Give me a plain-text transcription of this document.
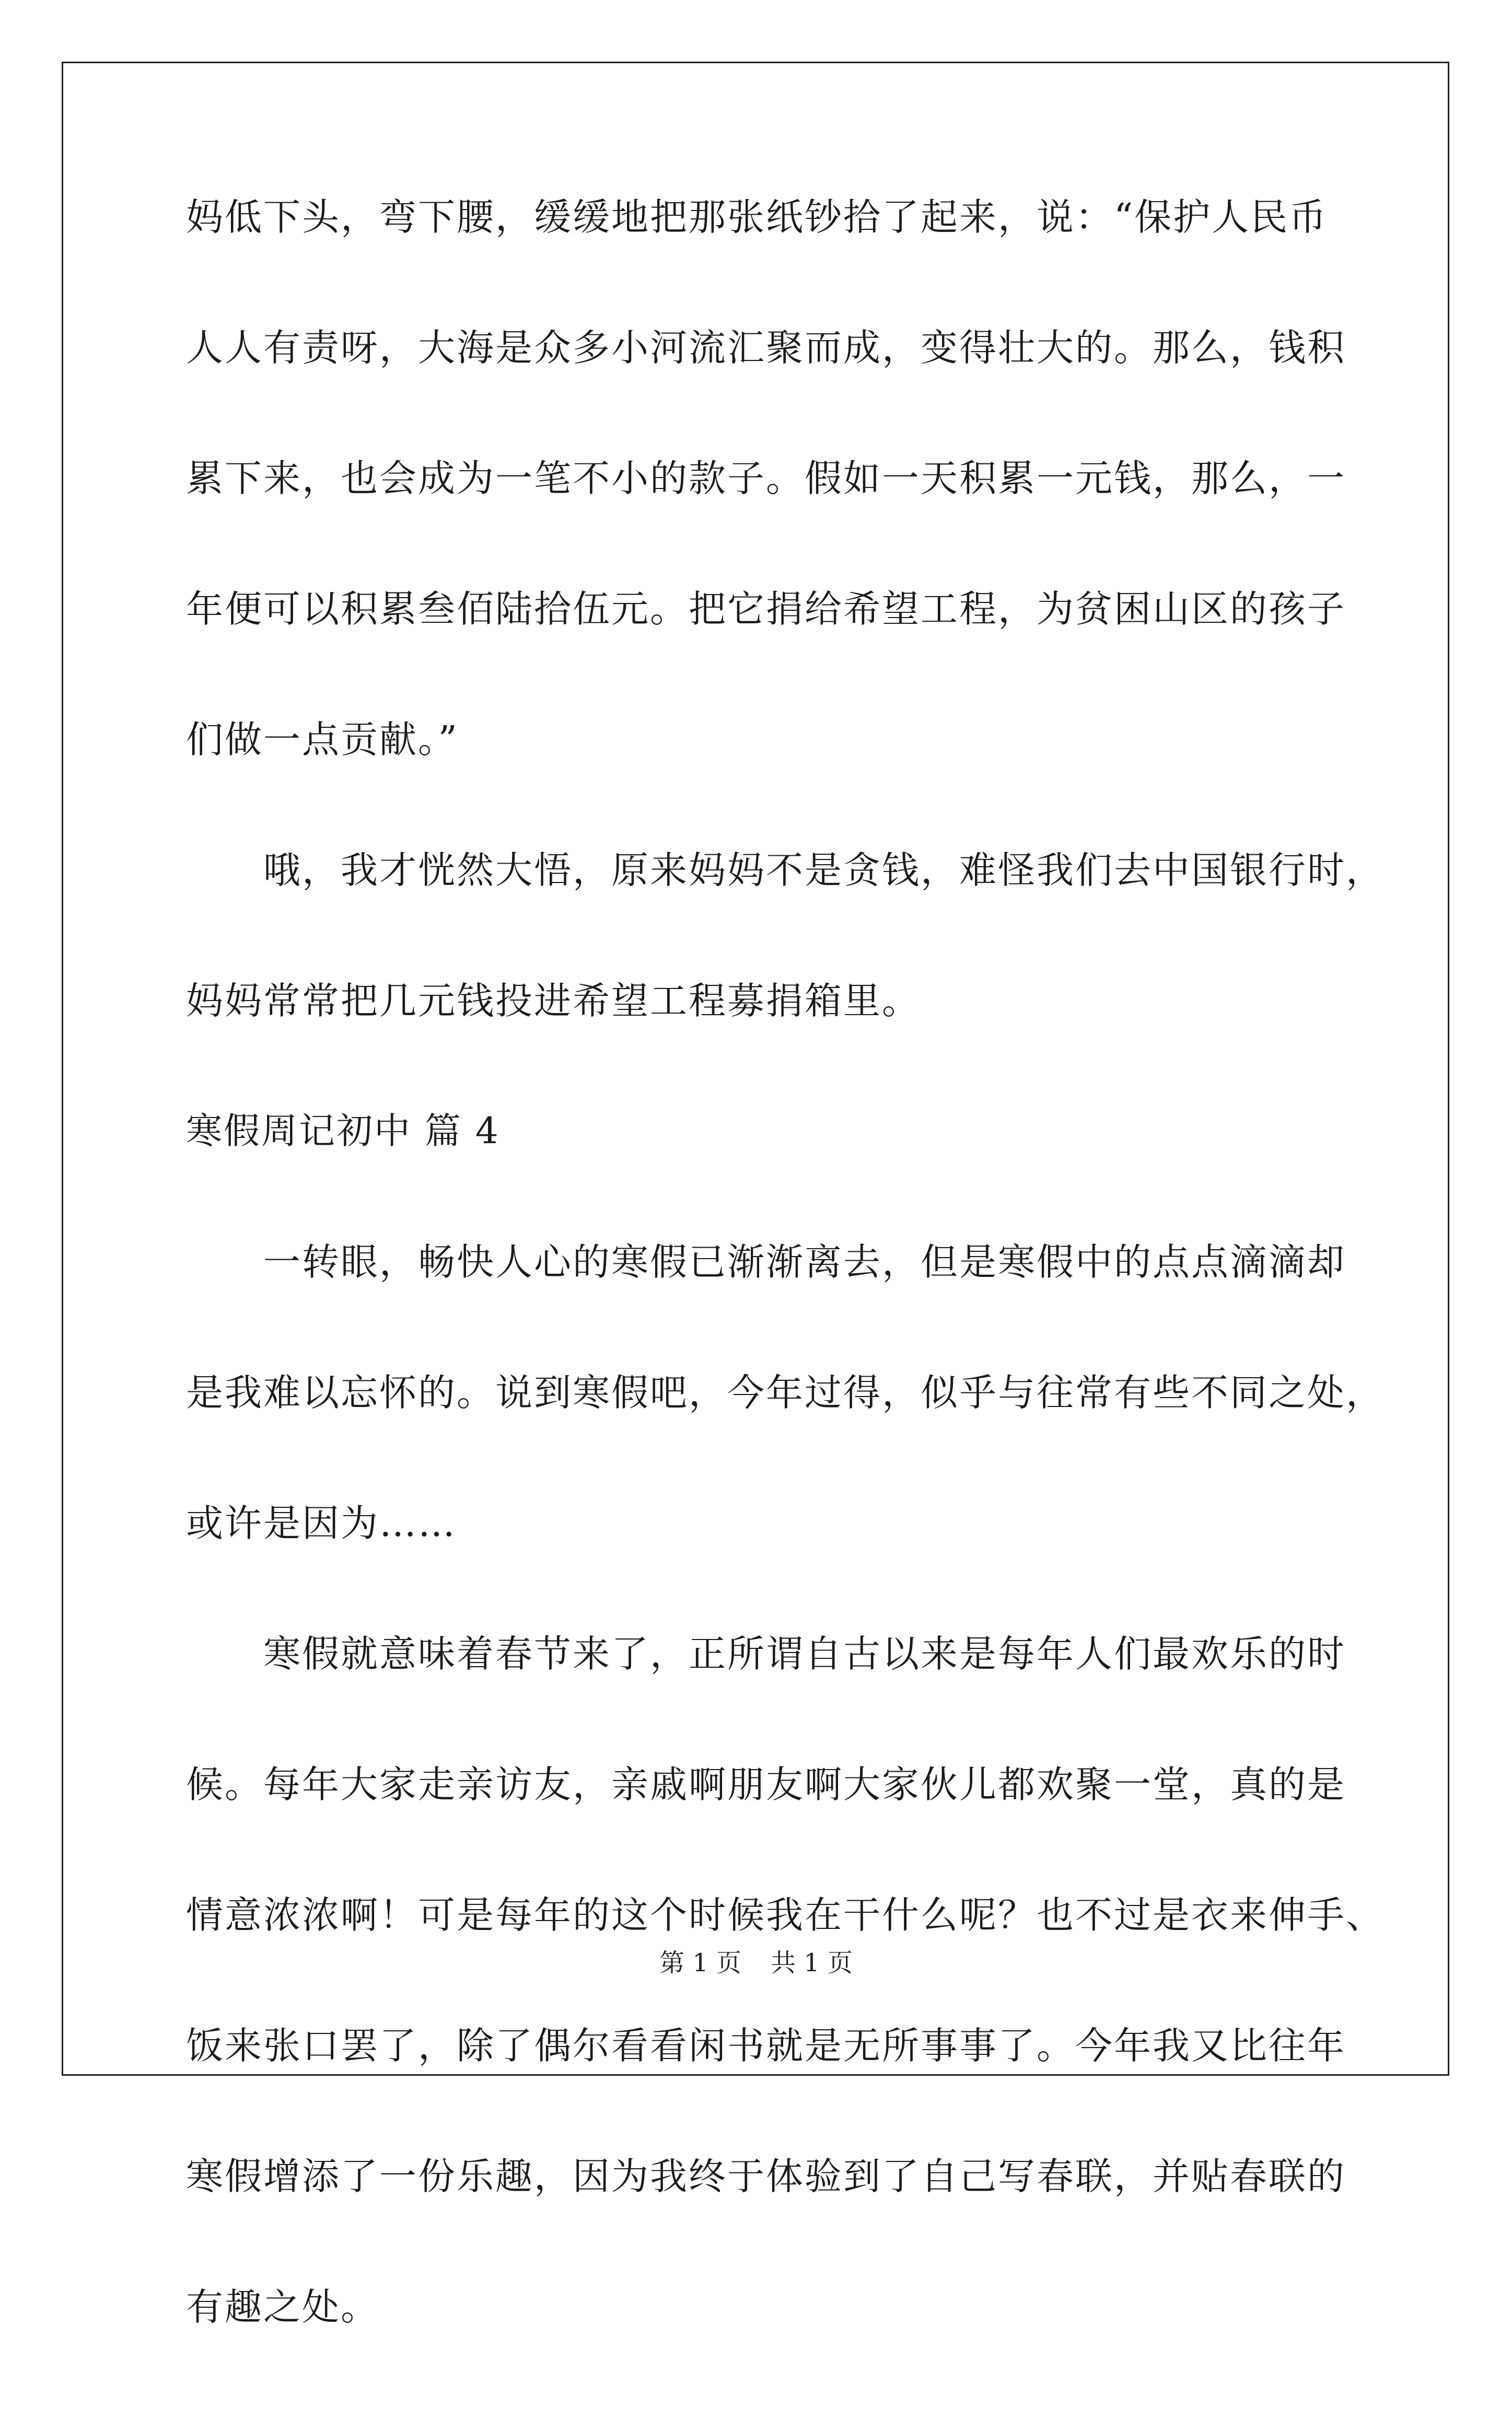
妈低下头，弯下腰，缓缓地把那张纸钞拾了起来，说：“保护人民币
人人有责呀，大海是众多小河流汇聚而成，变得壮大的。那么，钱积
累下来，也会成为一笔不小的款子。假如一天积累一元钱，那么，一
年便可以积累叁佰陆拾伍元。把它捐给希望工程，为贫困山区的孩子
们做一点贡献。”
哦，我才恍然大悟，原来妈妈不是贪钱，难怪我们去中国银行时，
妈妈常常把几元钱投进希望工程募捐箱里。
寒假周记初中 篇 4
一转眼，畅快人心的寒假已渐渐离去，但是寒假中的点点滴滴却
是我难以忘怀的。说到寒假吧，今年过得，似乎与往常有些不同之处，
或许是因为……
寒假就意味着春节来了，正所谓自古以来是每年人们最欢乐的时
候。每年大家走亲访友，亲戚啊朋友啊大家伙儿都欢聚一堂，真的是
情意浓浓啊！可是每年的这个时候我在干什么呢？也不过是衣来伸手、
饭来张口罢了，除了偶尔看看闲书就是无所事事了。今年我又比往年
寒假增添了一份乐趣，因为我终于体验到了自己写春联，并贴春联的
有趣之处。
第 1 页 共 1 页
